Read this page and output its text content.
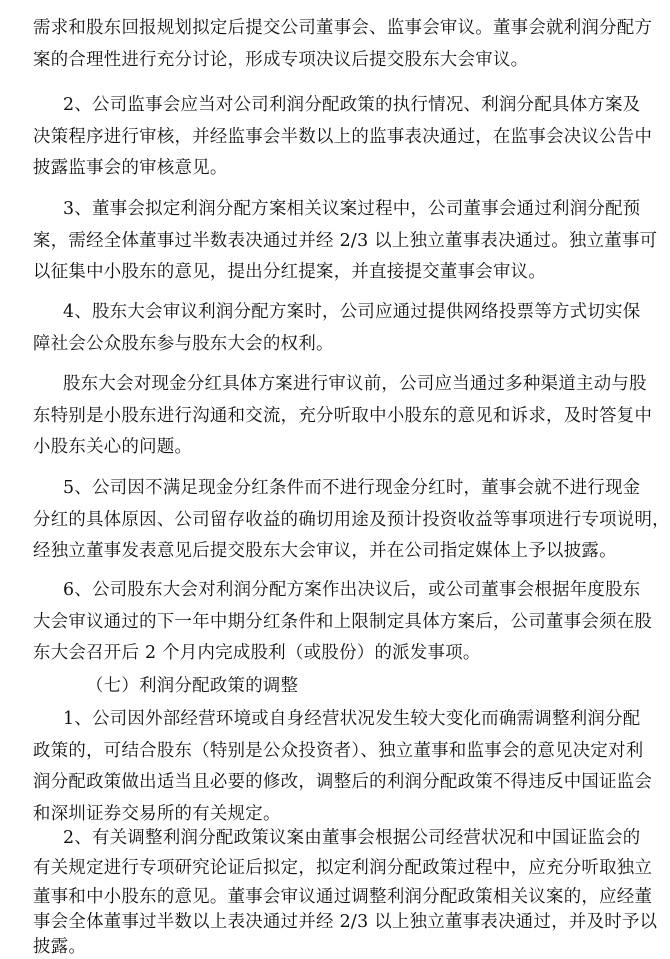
需求和股东回报规划拟定后提交公司董事会、监事会审议。董事会就利润分配方
案的合理性进行充分讨论，形成专项决议后提交股东大会审议。
2、公司监事会应当对公司利润分配政策的执行情况、利润分配具体方案及
决策程序进行审核，并经监事会半数以上的监事表决通过，在监事会决议公告中
披露监事会的审核意见。
3、董事会拟定利润分配方案相关议案过程中，公司董事会通过利润分配预
案，需经全体董事过半数表决通过并经 2/3 以上独立董事表决通过。独立董事可
以征集中小股东的意见，提出分红提案，并直接提交董事会审议。
4、股东大会审议利润分配方案时，公司应通过提供网络投票等方式切实保
障社会公众股东参与股东大会的权利。
股东大会对现金分红具体方案进行审议前，公司应当通过多种渠道主动与股
东特别是小股东进行沟通和交流，充分听取中小股东的意见和诉求，及时答复中
小股东关心的问题。
5、公司因不满足现金分红条件而不进行现金分红时，董事会就不进行现金
分红的具体原因、公司留存收益的确切用途及预计投资收益等事项进行专项说明，
经独立董事发表意见后提交股东大会审议，并在公司指定媒体上予以披露。
6、公司股东大会对利润分配方案作出决议后，或公司董事会根据年度股东
大会审议通过的下一年中期分红条件和上限制定具体方案后，公司董事会须在股
东大会召开后 2 个月内完成股利（或股份）的派发事项。
（七）利润分配政策的调整
1、公司因外部经营环境或自身经营状况发生较大变化而确需调整利润分配
政策的，可结合股东（特别是公众投资者）、独立董事和监事会的意见决定对利
润分配政策做出适当且必要的修改，调整后的利润分配政策不得违反中国证监会
和深圳证券交易所的有关规定。
2、有关调整利润分配政策议案由董事会根据公司经营状况和中国证监会的
有关规定进行专项研究论证后拟定，拟定利润分配政策过程中，应充分听取独立
董事和中小股东的意见。董事会审议通过调整利润分配政策相关议案的，应经董
事会全体董事过半数以上表决通过并经 2/3 以上独立董事表决通过，并及时予以
披露。
